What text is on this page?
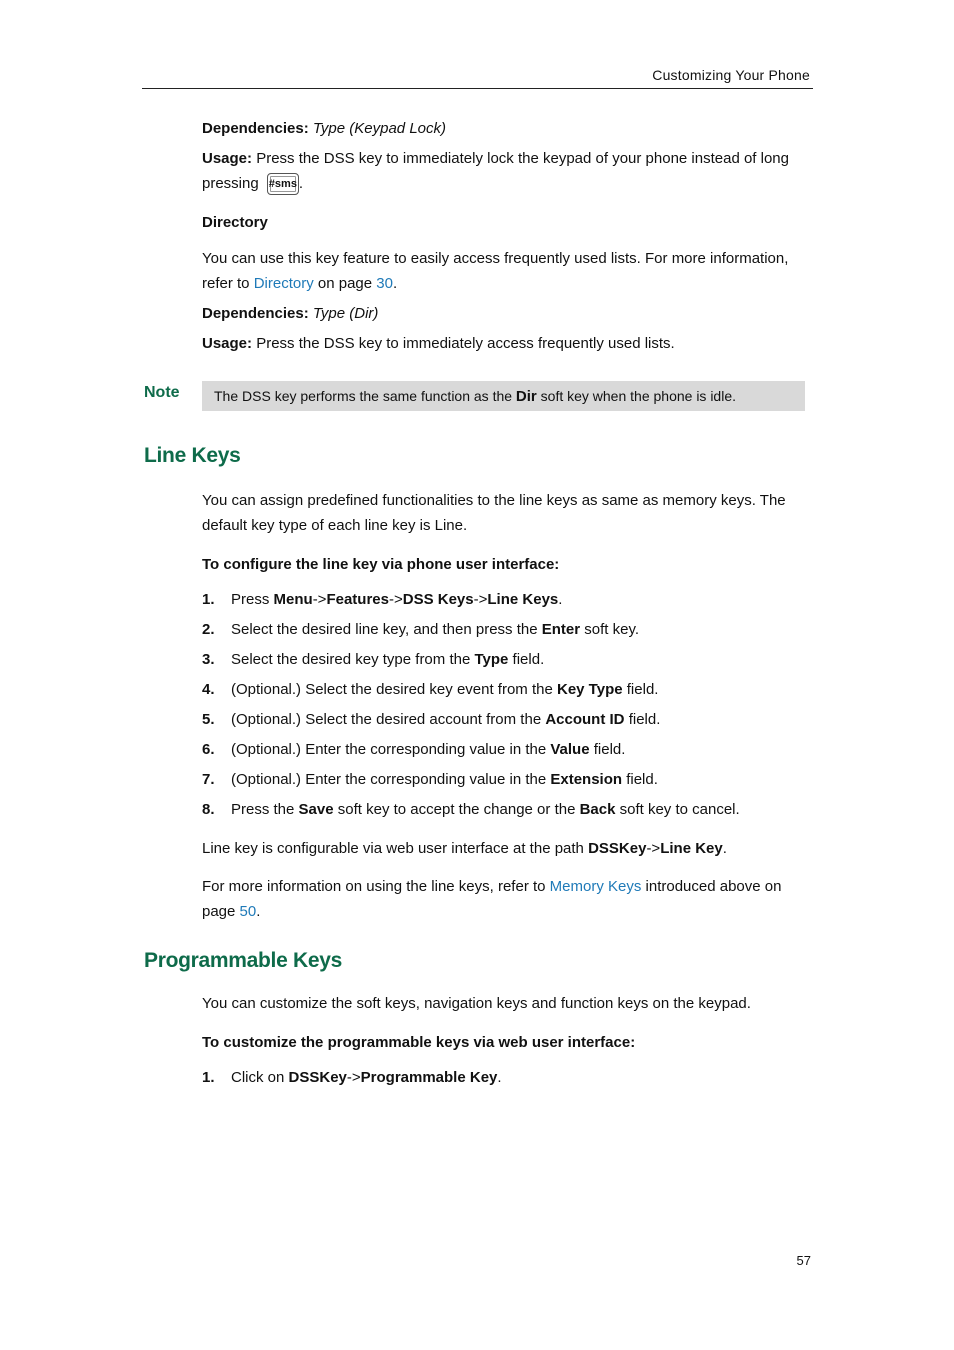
Customizing Your Phone
Dependencies: Type (Keypad Lock)
Usage: Press the DSS key to immediately lock the keypad of your phone instead of long pressing #sms .
Directory
You can use this key feature to easily access frequently used lists. For more information, refer to Directory on page 30.
Dependencies: Type (Dir)
Usage: Press the DSS key to immediately access frequently used lists.
Note	The DSS key performs the same function as the Dir soft key when the phone is idle.
Line Keys
You can assign predefined functionalities to the line keys as same as memory keys. The default key type of each line key is Line.
To configure the line key via phone user interface:
1. Press Menu->Features->DSS Keys->Line Keys.
2. Select the desired line key, and then press the Enter soft key.
3. Select the desired key type from the Type field.
4. (Optional.) Select the desired key event from the Key Type field.
5. (Optional.) Select the desired account from the Account ID field.
6. (Optional.) Enter the corresponding value in the Value field.
7. (Optional.) Enter the corresponding value in the Extension field.
8. Press the Save soft key to accept the change or the Back soft key to cancel.
Line key is configurable via web user interface at the path DSSKey->Line Key.
For more information on using the line keys, refer to Memory Keys introduced above on page 50.
Programmable Keys
You can customize the soft keys, navigation keys and function keys on the keypad.
To customize the programmable keys via web user interface:
1. Click on DSSKey->Programmable Key.
57
